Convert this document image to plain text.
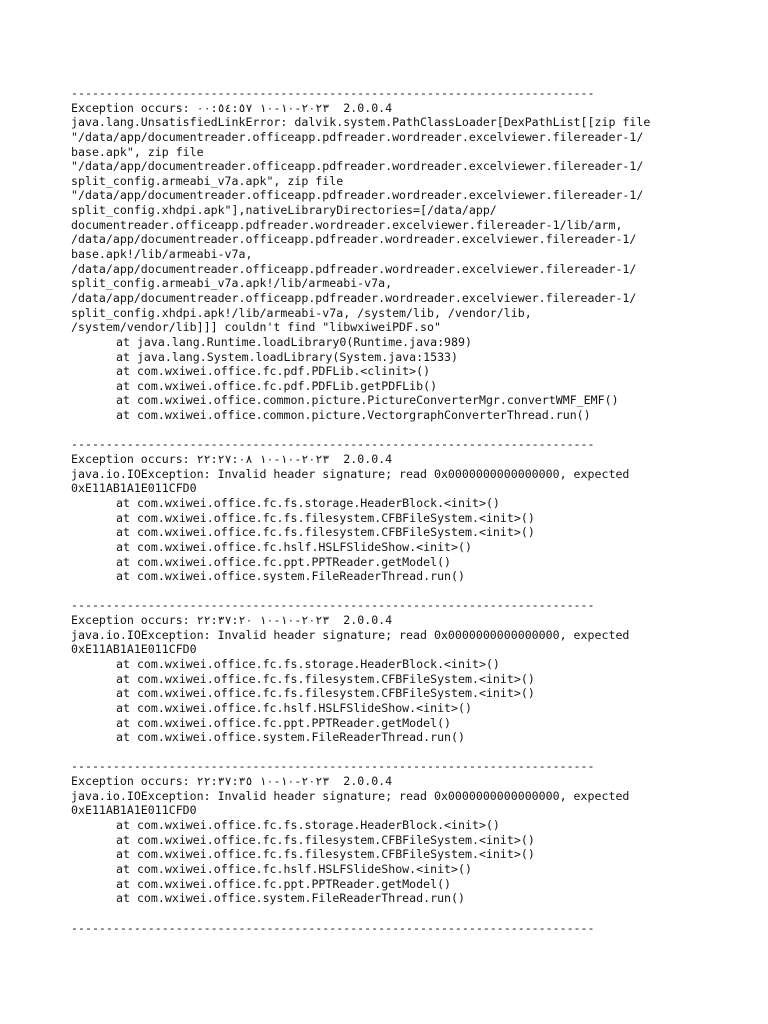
---------------------------------------------------------------------------
Exception occurs: ٢٠٢٣-١٠-١٠ ٠٠:٥٤:٥٧ 2.0.0.4
java.lang.UnsatisfiedLinkError: dalvik.system.PathClassLoader[DexPathList[[zip file
"/data/app/documentreader.officeapp.pdfreader.wordreader.excelviewer.filereader-1/
base.apk", zip file
"/data/app/documentreader.officeapp.pdfreader.wordreader.excelviewer.filereader-1/
split_config.armeabi_v7a.apk", zip file
"/data/app/documentreader.officeapp.pdfreader.wordreader.excelviewer.filereader-1/
split_config.xhdpi.apk"],nativeLibraryDirectories=[/data/app/
documentreader.officeapp.pdfreader.wordreader.excelviewer.filereader-1/lib/arm,
/data/app/documentreader.officeapp.pdfreader.wordreader.excelviewer.filereader-1/
base.apk!/lib/armeabi-v7a,
/data/app/documentreader.officeapp.pdfreader.wordreader.excelviewer.filereader-1/
split_config.armeabi_v7a.apk!/lib/armeabi-v7a,
/data/app/documentreader.officeapp.pdfreader.wordreader.excelviewer.filereader-1/
split_config.xhdpi.apk!/lib/armeabi-v7a, /system/lib, /vendor/lib,
/system/vendor/lib]]] couldn't find "libwxiweiPDF.so"
at java.lang.Runtime.loadLibrary0(Runtime.java:989)
at java.lang.System.loadLibrary(System.java:1533)
at com.wxiwei.office.fc.pdf.PDFLib.<clinit>()
at com.wxiwei.office.fc.pdf.PDFLib.getPDFLib()
at com.wxiwei.office.common.picture.PictureConverterMgr.convertWMF_EMF()
at com.wxiwei.office.common.picture.VectorgraphConverterThread.run()
---------------------------------------------------------------------------
Exception occurs: ٢٠٢٣-١٠-١٠ ٢٢:٢٧:٠٨ 2.0.0.4
java.io.IOException: Invalid header signature; read 0x0000000000000000, expected
0xE11AB1A1E011CFD0
at com.wxiwei.office.fc.fs.storage.HeaderBlock.<init>()
at com.wxiwei.office.fc.fs.filesystem.CFBFileSystem.<init>()
at com.wxiwei.office.fc.fs.filesystem.CFBFileSystem.<init>()
at com.wxiwei.office.fc.hslf.HSLFSlideShow.<init>()
at com.wxiwei.office.fc.ppt.PPTReader.getModel()
at com.wxiwei.office.system.FileReaderThread.run()
---------------------------------------------------------------------------
Exception occurs: ٢٠٢٣-١٠-١٠ ٢٢:٣٧:٢٠ 2.0.0.4
java.io.IOException: Invalid header signature; read 0x0000000000000000, expected
0xE11AB1A1E011CFD0
at com.wxiwei.office.fc.fs.storage.HeaderBlock.<init>()
at com.wxiwei.office.fc.fs.filesystem.CFBFileSystem.<init>()
at com.wxiwei.office.fc.fs.filesystem.CFBFileSystem.<init>()
at com.wxiwei.office.fc.hslf.HSLFSlideShow.<init>()
at com.wxiwei.office.fc.ppt.PPTReader.getModel()
at com.wxiwei.office.system.FileReaderThread.run()
---------------------------------------------------------------------------
Exception occurs: ٢٠٢٣-١٠-١٠ ٢٢:٣٧:٣٥ 2.0.0.4
java.io.IOException: Invalid header signature; read 0x0000000000000000, expected
0xE11AB1A1E011CFD0
at com.wxiwei.office.fc.fs.storage.HeaderBlock.<init>()
at com.wxiwei.office.fc.fs.filesystem.CFBFileSystem.<init>()
at com.wxiwei.office.fc.fs.filesystem.CFBFileSystem.<init>()
at com.wxiwei.office.fc.hslf.HSLFSlideShow.<init>()
at com.wxiwei.office.fc.ppt.PPTReader.getModel()
at com.wxiwei.office.system.FileReaderThread.run()
---------------------------------------------------------------------------
